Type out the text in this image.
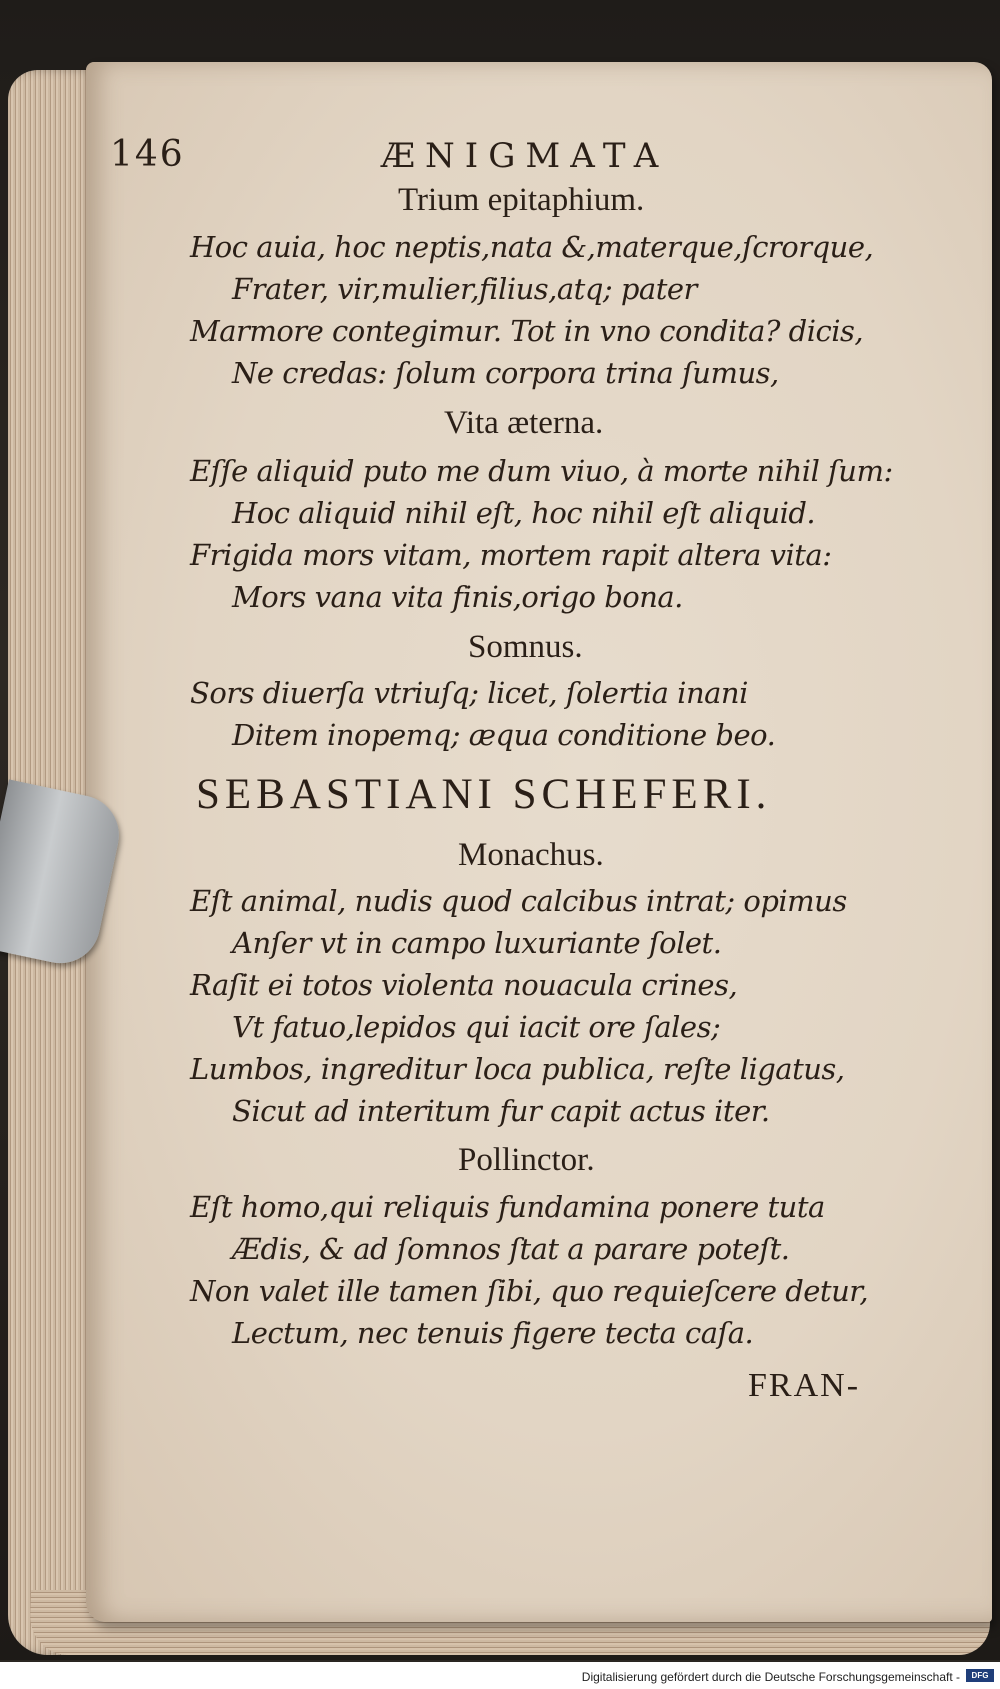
146	ÆNIGMATA
Trium epitaphium.
Hoc auia, hoc neptis,nata &,materque,ſcrorque,
Frater, vir,mulier,filius,atq; pater
Marmore contegimur. Tot in vno condita? dicis,
Ne credas: ſolum corpora trina ſumus,
Vita æterna.
Eſſe aliquid puto me dum viuo, à morte nihil ſum:
Hoc aliquid nihil eſt, hoc nihil eſt aliquid.
Frigida mors vitam, mortem rapit altera vita:
Mors vana vita finis,origo bona.
Somnus.
Sors diuerſa vtriuſq; licet, ſolertia inani
Ditem inopemq; æqua conditione beo.
SEBASTIANI SCHEFERI.
Monachus.
Eſt animal, nudis quod calcibus intrat; opimus
Anſer vt in campo luxuriante ſolet.
Raſit ei totos violenta nouacula crines,
Vt fatuo,lepidos qui iacit ore ſales;
Lumbos, ingreditur loca publica, reſte ligatus,
Sicut ad interitum fur capit actus iter.
Pollinctor.
Eſt homo,qui reliquis fundamina ponere tuta
Ædis, & ad ſomnos ſtat a parare poteſt.
Non valet ille tamen ſibi, quo requieſcere detur,
Lectum, nec tenuis figere tecta caſa.
FRAN-
Digitalisierung gefördert durch die Deutsche Forschungsgemeinschaft -	DFG
